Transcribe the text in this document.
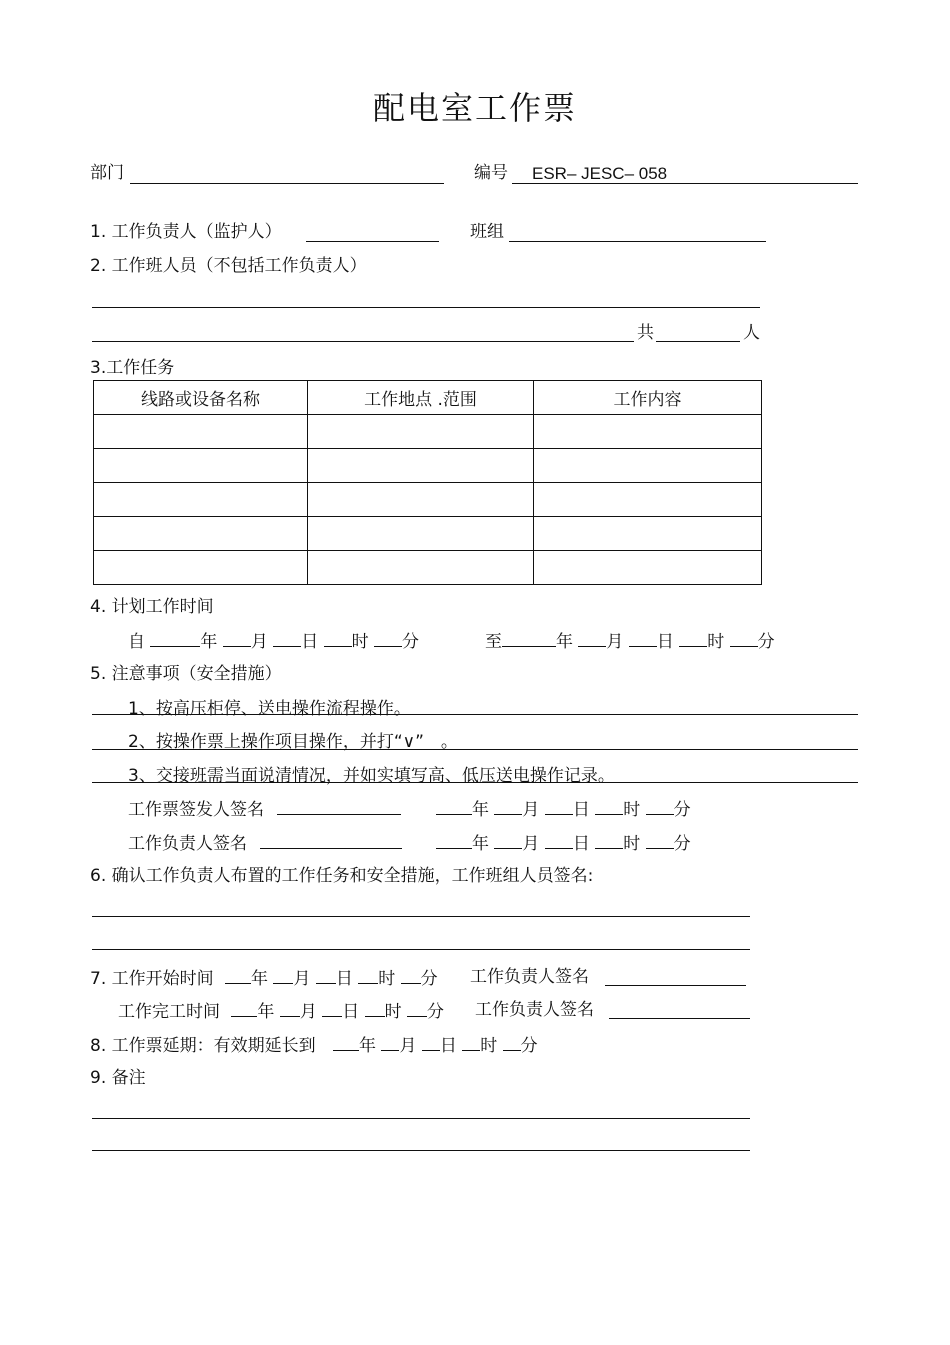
配电室工作票
部门	编号 ESR– JESC– 058
1. 工作负责人（监护人）	班组
2. 工作班人员（不包括工作负责人）
共	人
3.工作任务
线路或设备名称	工作地点 .范围	工作内容

4. 计划工作时间
自	年 月 日 时 分	至	年 月 日 时 分
5. 注意事项（安全措施）
1、按高压柜停、送电操作流程操作。
2、按操作票上操作项目操作，并打“∨”　。
3、交接班需当面说清情况，并如实填写高、低压送电操作记录。
工作票签发人签名	年 月 日 时 分
工作负责人签名	年 月 日 时 分
6. 确认工作负责人布置的工作任务和安全措施，工作班组人员签名:
7. 工作开始时间 年 月 日 时 分 工作负责人签名
工作完工时间 年 月 日 时 分 工作负责人签名
8. 工作票延期：有效期延长到	年 月 日 时 分
9. 备注
